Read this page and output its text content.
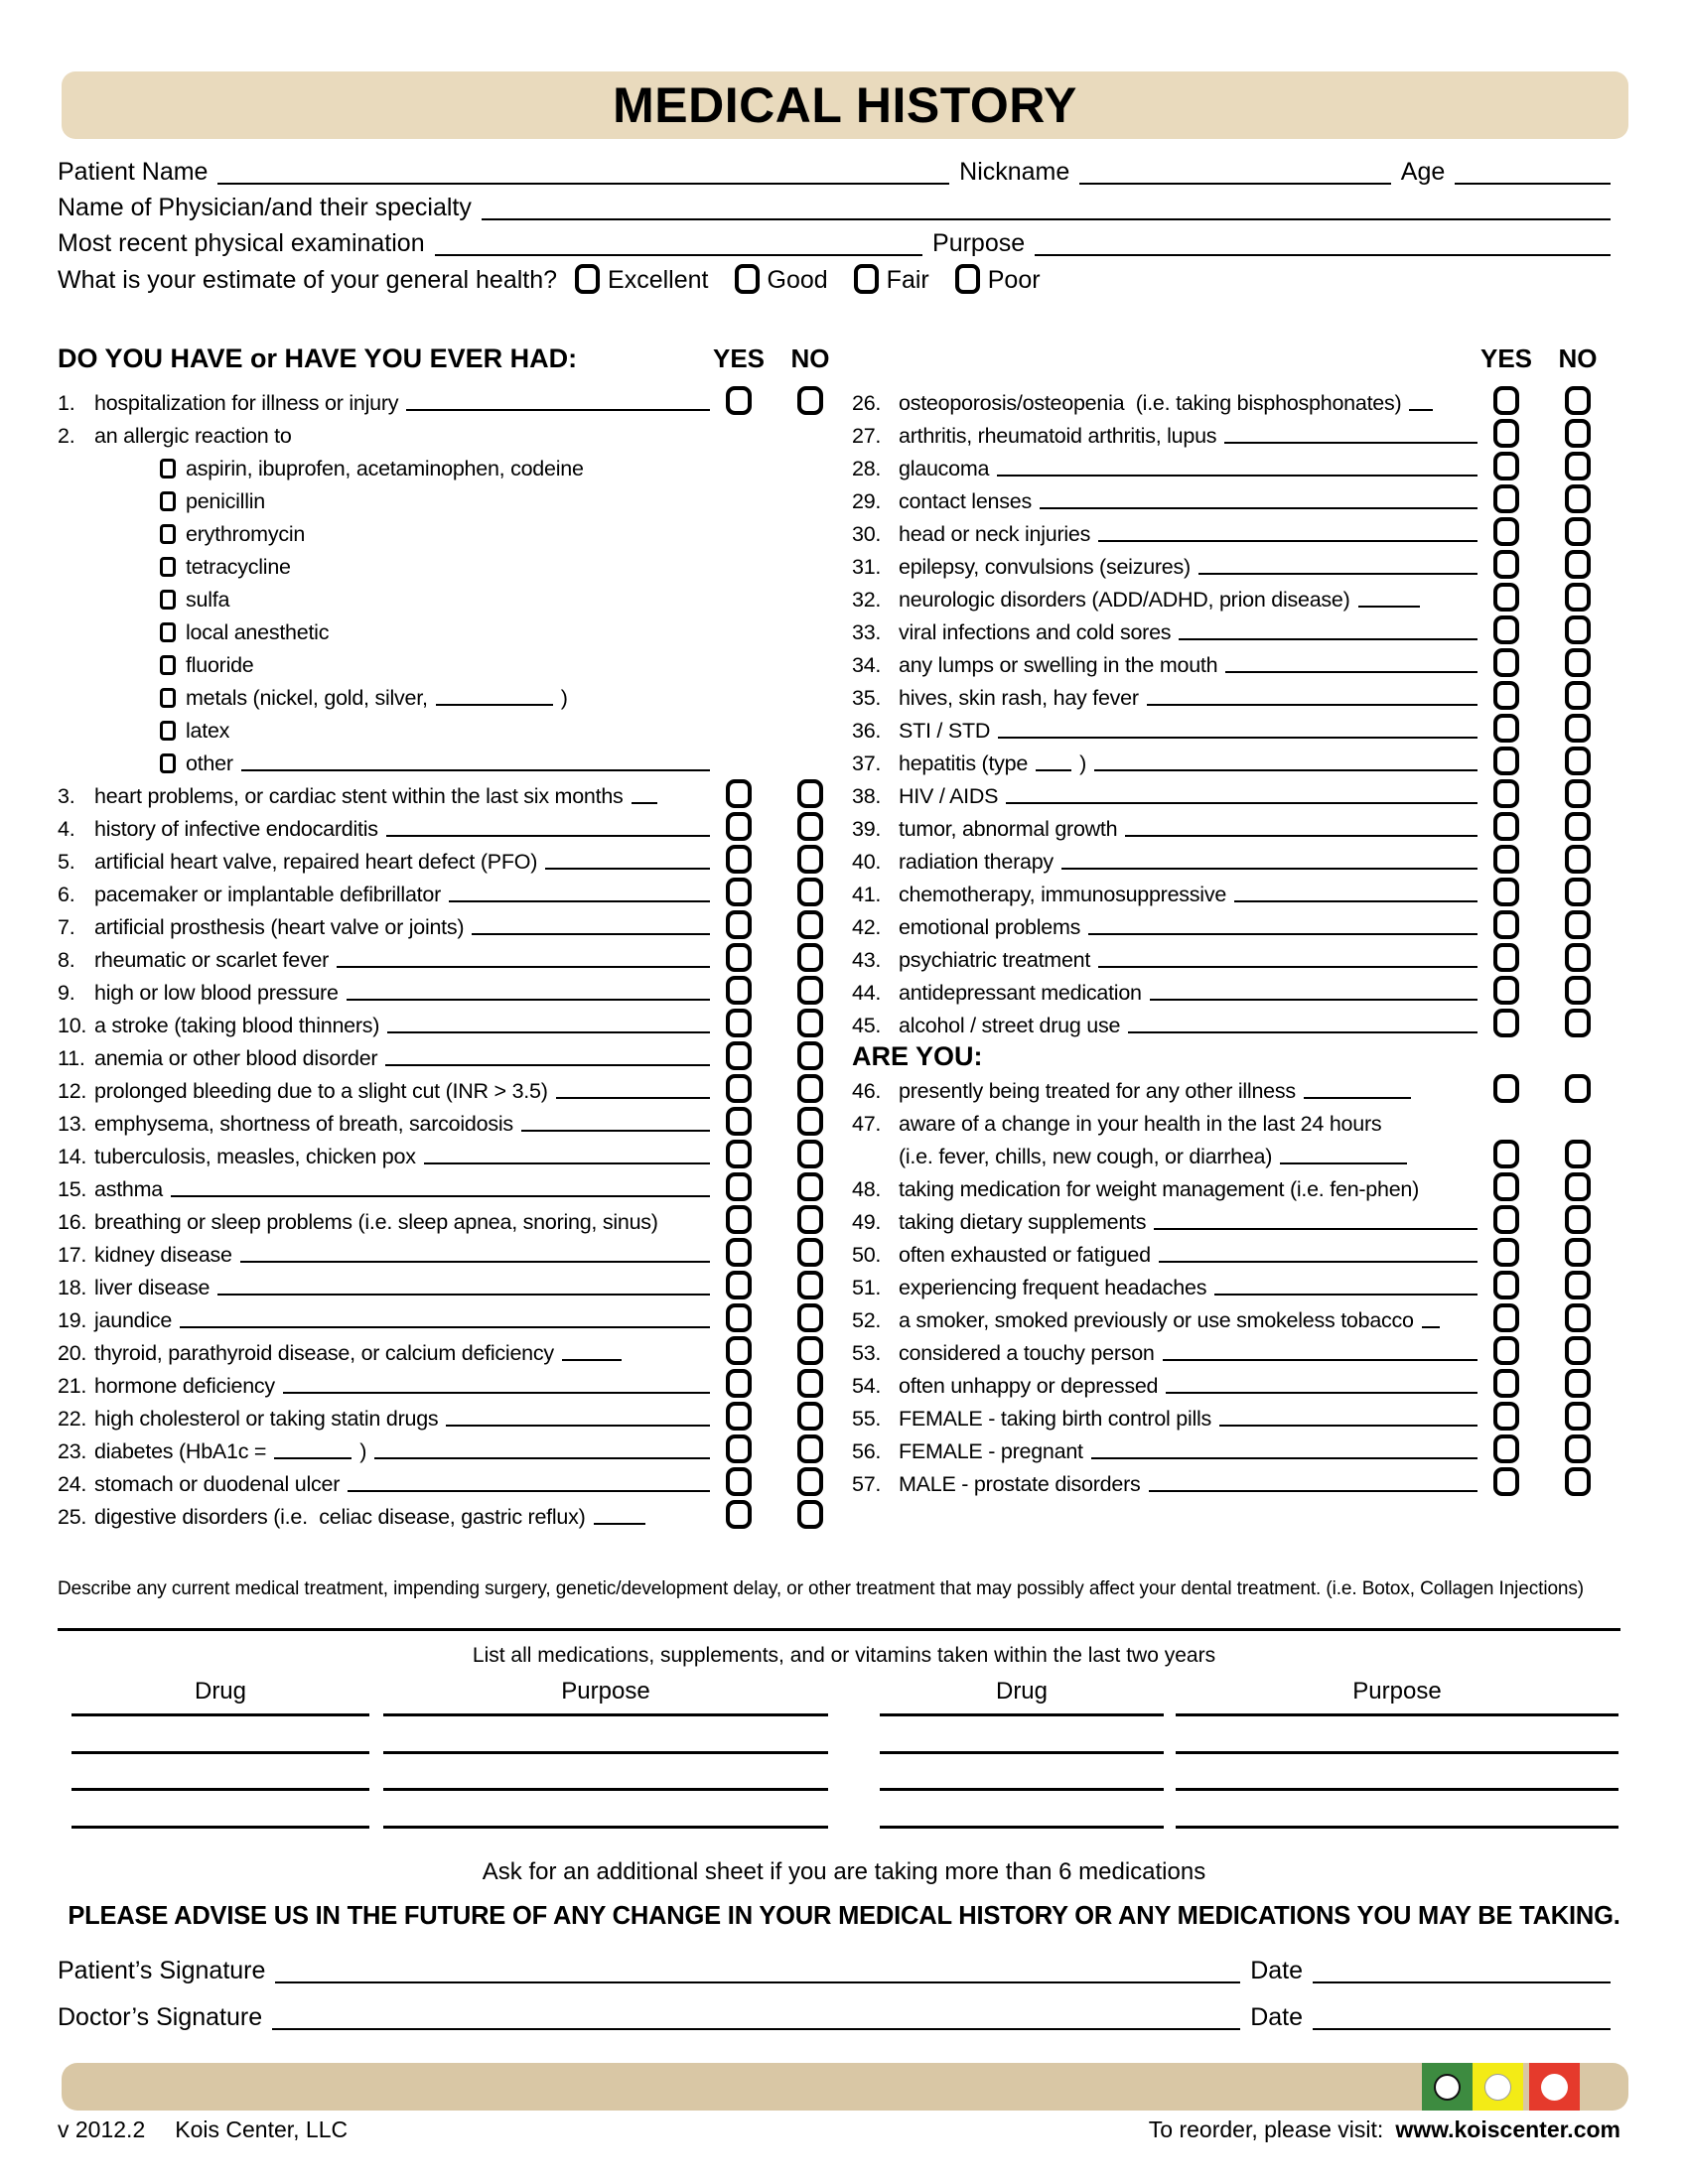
MEDICAL HISTORY
Patient Name	Nickname	Age
Name of Physician/and their specialty
Most recent physical examination	Purpose
What is your estimate of your general health? Excellent Good Fair Poor
DO YOU HAVE or HAVE YOU EVER HAD:	YES	NO	YES	NO
1. hospitalization for illness or injury
2. an allergic reaction to
aspirin, ibuprofen, acetaminophen, codeine
penicillin
erythromycin
tetracycline
sulfa
local anesthetic
fluoride
metals (nickel, gold, silver,	)
latex
other
3. heart problems, or cardiac stent within the last six months
4. history of infective endocarditis
5. artificial heart valve, repaired heart defect (PFO)
6. pacemaker or implantable defibrillator
7. artificial prosthesis (heart valve or joints)
8. rheumatic or scarlet fever
9. high or low blood pressure
10. a stroke (taking blood thinners)
11. anemia or other blood disorder
12. prolonged bleeding due to a slight cut (INR > 3.5)
13. emphysema, shortness of breath, sarcoidosis
14. tuberculosis, measles, chicken pox
15. asthma
16. breathing or sleep problems (i.e. sleep apnea, snoring, sinus)
17. kidney disease
18. liver disease
19. jaundice
20. thyroid, parathyroid disease, or calcium deficiency
21. hormone deficiency
22. high cholesterol or taking statin drugs
23. diabetes (HbA1c =	)
24. stomach or duodenal ulcer
25. digestive disorders (i.e.  celiac disease, gastric reflux)
26. osteoporosis/osteopenia  (i.e. taking bisphosphonates)
27. arthritis, rheumatoid arthritis, lupus
28. glaucoma
29. contact lenses
30. head or neck injuries
31. epilepsy, convulsions (seizures)
32. neurologic disorders (ADD/ADHD, prion disease)
33. viral infections and cold sores
34. any lumps or swelling in the mouth
35. hives, skin rash, hay fever
36. STI / STD
37. hepatitis (type )
38. HIV / AIDS
39. tumor, abnormal growth
40. radiation therapy
41. chemotherapy, immunosuppressive
42. emotional problems
43. psychiatric treatment
44. antidepressant medication
45. alcohol / street drug use
ARE YOU:
46. presently being treated for any other illness
47. aware of a change in your health in the last 24 hours
(i.e. fever, chills, new cough, or diarrhea)
48. taking medication for weight management (i.e. fen-phen)
49. taking dietary supplements
50. often exhausted or fatigued
51. experiencing frequent headaches
52. a smoker, smoked previously or use smokeless tobacco
53. considered a touchy person
54. often unhappy or depressed
55. FEMALE - taking birth control pills
56. FEMALE - pregnant
57. MALE - prostate disorders
Describe any current medical treatment, impending surgery, genetic/development delay, or other treatment that may possibly affect your dental treatment. (i.e. Botox, Collagen Injections)
List all medications, supplements, and or vitamins taken within the last two years
Drug	Purpose	Drug	Purpose
Ask for an additional sheet if you are taking more than 6 medications
PLEASE ADVISE US IN THE FUTURE OF ANY CHANGE IN YOUR MEDICAL HISTORY OR ANY MEDICATIONS YOU MAY BE TAKING.
Patient’s Signature	Date
Doctor’s Signature	Date
v 2012.2 Kois Center, LLC	To reorder, please visit: www.koiscenter.com
